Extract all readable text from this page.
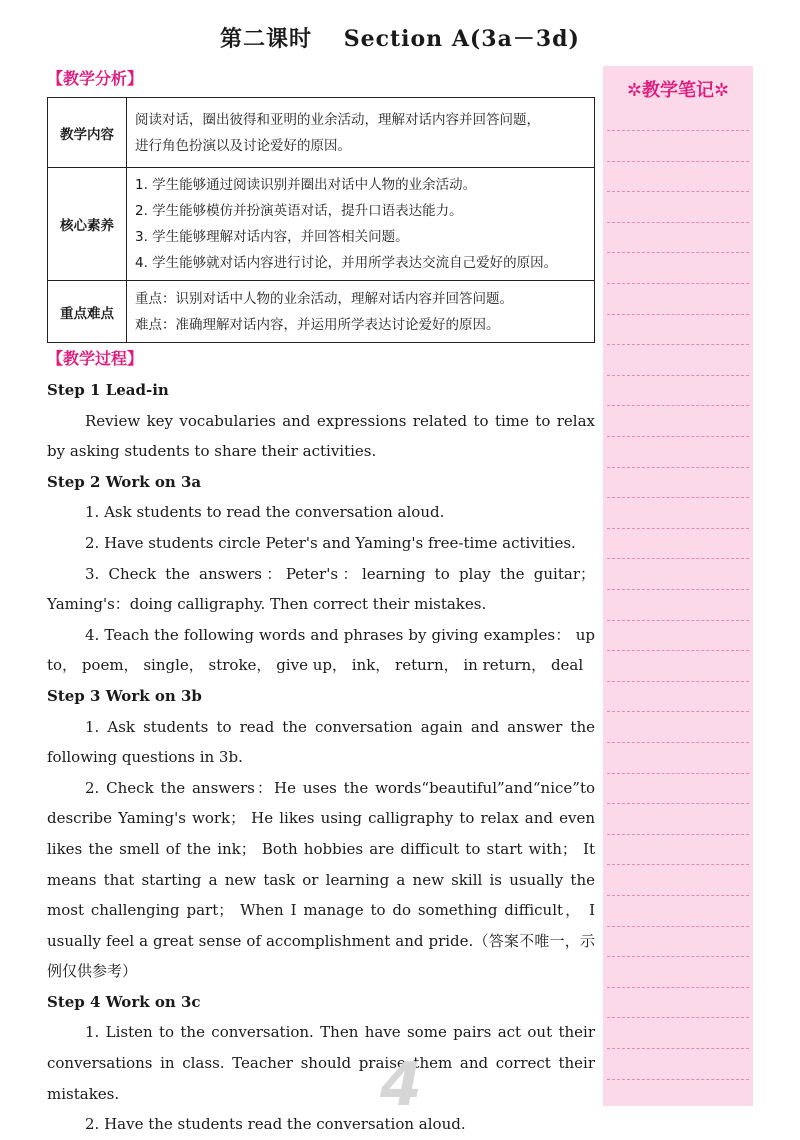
第二课时　 Section A(3a－3d)
【教学分析】
教学内容	阅读对话，圈出彼得和亚明的业余活动，理解对话内容并回答问题，
进行角色扮演以及讨论爱好的原因。

核心素养	1. 学生能够通过阅读识别并圈出对话中人物的业余活动。
2. 学生能够模仿并扮演英语对话，提升口语表达能力。
3. 学生能够理解对话内容，并回答相关问题。
4. 学生能够就对话内容进行讨论，并用所学表达交流自己爱好的原因。

重点难点	重点：识别对话中人物的业余活动，理解对话内容并回答问题。
难点：准确理解对话内容，并运用所学表达讨论爱好的原因。
【教学过程】

Step 1 Lead-in

Review key vocabularies and expressions related to time to relax by asking students to share their activities.

Step 2 Work on 3a

1. Ask students to read the conversation aloud.

2. Have students circle Peter's and Yaming's free-time activities.

3. Check the answers：Peter's：learning to play the guitar； Yaming's：doing calligraphy. Then correct their mistakes.

4. Teach the following words and phrases by giving examples： up to， poem， single， stroke， give up， ink， return， in return， deal

Step 3 Work on 3b

1. Ask students to read the conversation again and answer the following questions in 3b.

2. Check the answers：He uses the words“beautiful”and“nice”to describe Yaming's work； He likes using calligraphy to relax and even likes the smell of the ink； Both hobbies are difficult to start with； It means that starting a new task or learning a new skill is usually the most challenging part； When I manage to do something difficult， I usually feel a great sense of accomplishment and pride.（答案不唯一，示例仅供参考）

Step 4 Work on 3c

1. Listen to the conversation. Then have some pairs act out their conversations in class. Teacher should praise them and correct their mistakes.

2. Have the students read the conversation aloud.

✲教学笔记✲
4
